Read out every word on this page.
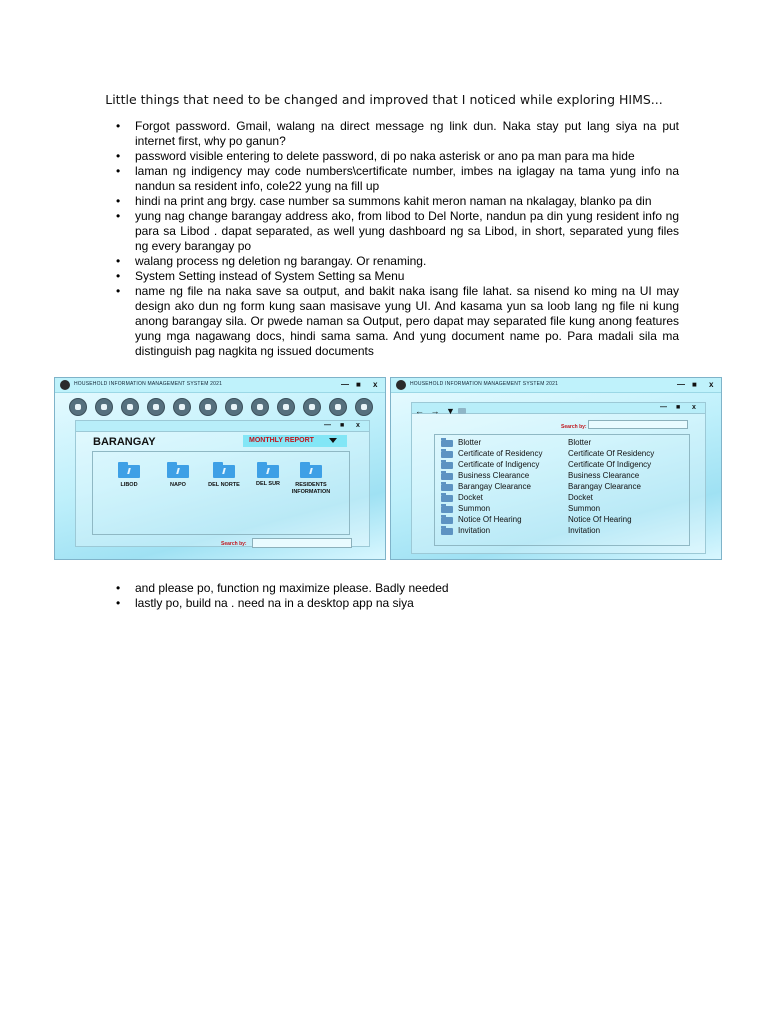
Little things that need to be changed and improved that I noticed while exploring HIMS...
• Forgot password. Gmail, walang na direct message ng link dun. Naka stay put lang siya na put internet first, why po ganun?
• password visible entering to delete password, di po naka asterisk or ano pa man para ma hide
• laman ng indigency may code numbers\certificate number, imbes na iglagay na tama yung info na nandun sa resident info, cole22 yung na fill up
• hindi na print ang brgy. case number sa summons kahit meron naman na nkalagay, blanko pa din
• yung nag change barangay address ako, from libod to Del Norte, nandun pa din yung resident info ng para sa Libod . dapat separated, as well yung dashboard ng sa Libod, in short, separated yung files ng every barangay po
• walang process ng deletion ng barangay. Or renaming.
• System Setting instead of System Setting sa Menu
• name ng file na naka save sa output, and bakit naka isang file lahat. sa nisend ko ming na UI may design ako dun ng form kung saan masisave yung UI. And kasama yun sa loob lang ng file ni kung anong barangay sila. Or pwede naman sa Output, pero dapat may separated file kung anong features yung mga nagawang docs, hindi sama sama. And yung document name po. Para madali sila ma distinguish pag nagkita ng issued documents
HOUSEHOLD INFORMATION MANAGEMENT SYSTEM 2021	— ■ x
— ■ x
BARANGAY	MONTHLY REPORT
LIBOD	NAPO	DEL NORTE	DEL SUR	RESIDENTS INFORMATION
Search by:
HOUSEHOLD INFORMATION MANAGEMENT SYSTEM 2021	— ■ x
— ■ x
← → ▼
Search by:
Blotter	Blotter
Certificate of Residency	Certificate Of Residency
Certificate of Indigency	Certificate Of Indigency
Business Clearance	Business Clearance
Barangay Clearance	Barangay Clearance
Docket	Docket
Summon	Summon
Notice Of Hearing	Notice Of Hearing
Invitation	Invitation
• and please po, function ng maximize please. Badly needed
• lastly po, build na . need na in a desktop app na siya
